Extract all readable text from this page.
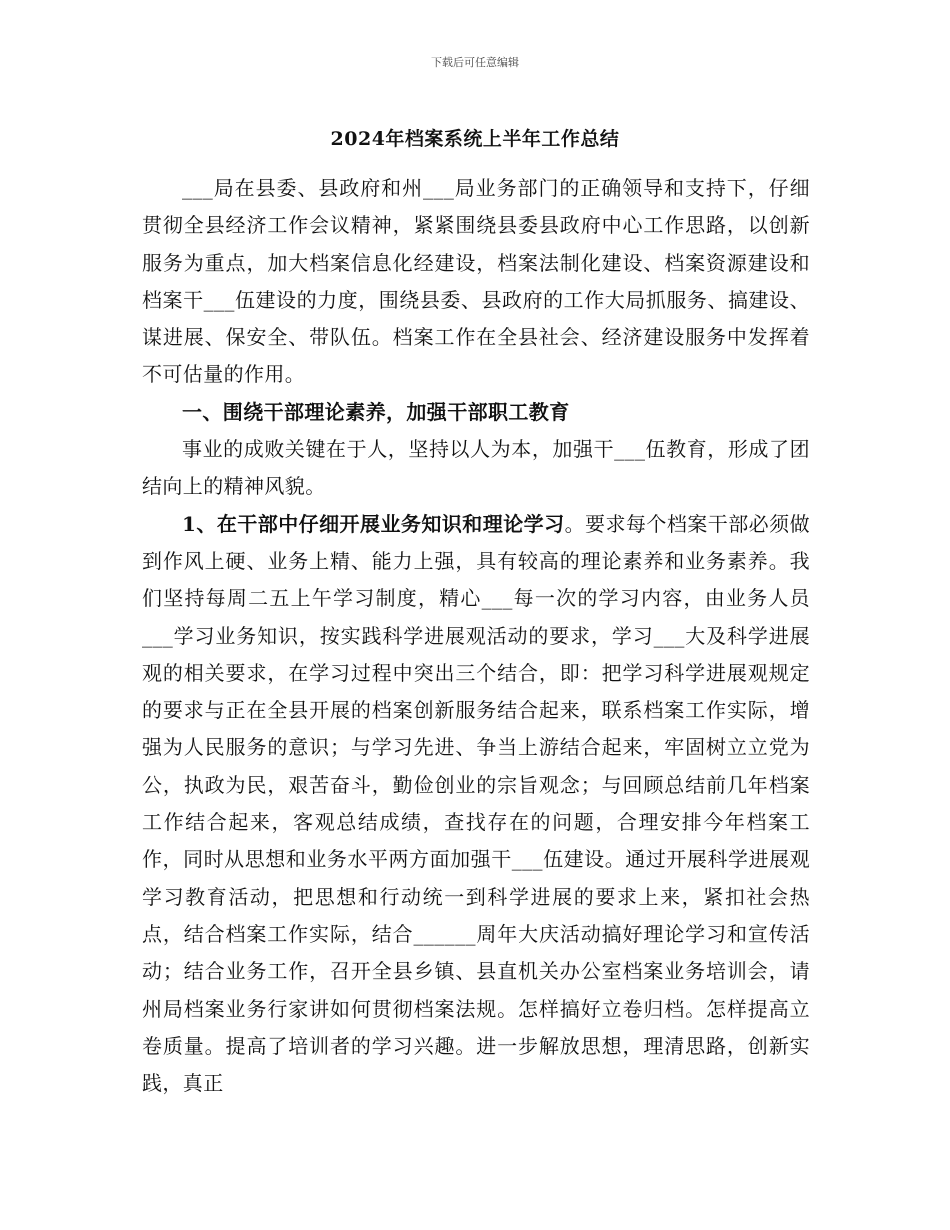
下载后可任意编辑
2024年档案系统上半年工作总结

___局在县委、县政府和州___局业务部门的正确领导和支持下，仔细贯彻全县经济工作会议精神，紧紧围绕县委县政府中心工作思路，以创新服务为重点，加大档案信息化经建设，档案法制化建设、档案资源建设和档案干___伍建设的力度，围绕县委、县政府的工作大局抓服务、搞建设、谋进展、保安全、带队伍。档案工作在全县社会、经济建设服务中发挥着不可估量的作用。

一、围绕干部理论素养，加强干部职工教育

事业的成败关键在于人，坚持以人为本，加强干___伍教育，形成了团结向上的精神风貌。

1、在干部中仔细开展业务知识和理论学习。要求每个档案干部必须做到作风上硬、业务上精、能力上强，具有较高的理论素养和业务素养。我们坚持每周二五上午学习制度，精心___每一次的学习内容，由业务人员___学习业务知识，按实践科学进展观活动的要求，学习___大及科学进展观的相关要求，在学习过程中突出三个结合，即：把学习科学进展观规定的要求与正在全县开展的档案创新服务结合起来，联系档案工作实际，增强为人民服务的意识；与学习先进、争当上游结合起来，牢固树立立党为公，执政为民，艰苦奋斗，勤俭创业的宗旨观念；与回顾总结前几年档案工作结合起来，客观总结成绩，查找存在的问题，合理安排今年档案工作，同时从思想和业务水平两方面加强干___伍建设。通过开展科学进展观学习教育活动，把思想和行动统一到科学进展的要求上来，紧扣社会热点，结合档案工作实际，结合______周年大庆活动搞好理论学习和宣传活动；结合业务工作，召开全县乡镇、县直机关办公室档案业务培训会，请州局档案业务行家讲如何贯彻档案法规。怎样搞好立卷归档。怎样提高立卷质量。提高了培训者的学习兴趣。进一步解放思想，理清思路，创新实践，真正
